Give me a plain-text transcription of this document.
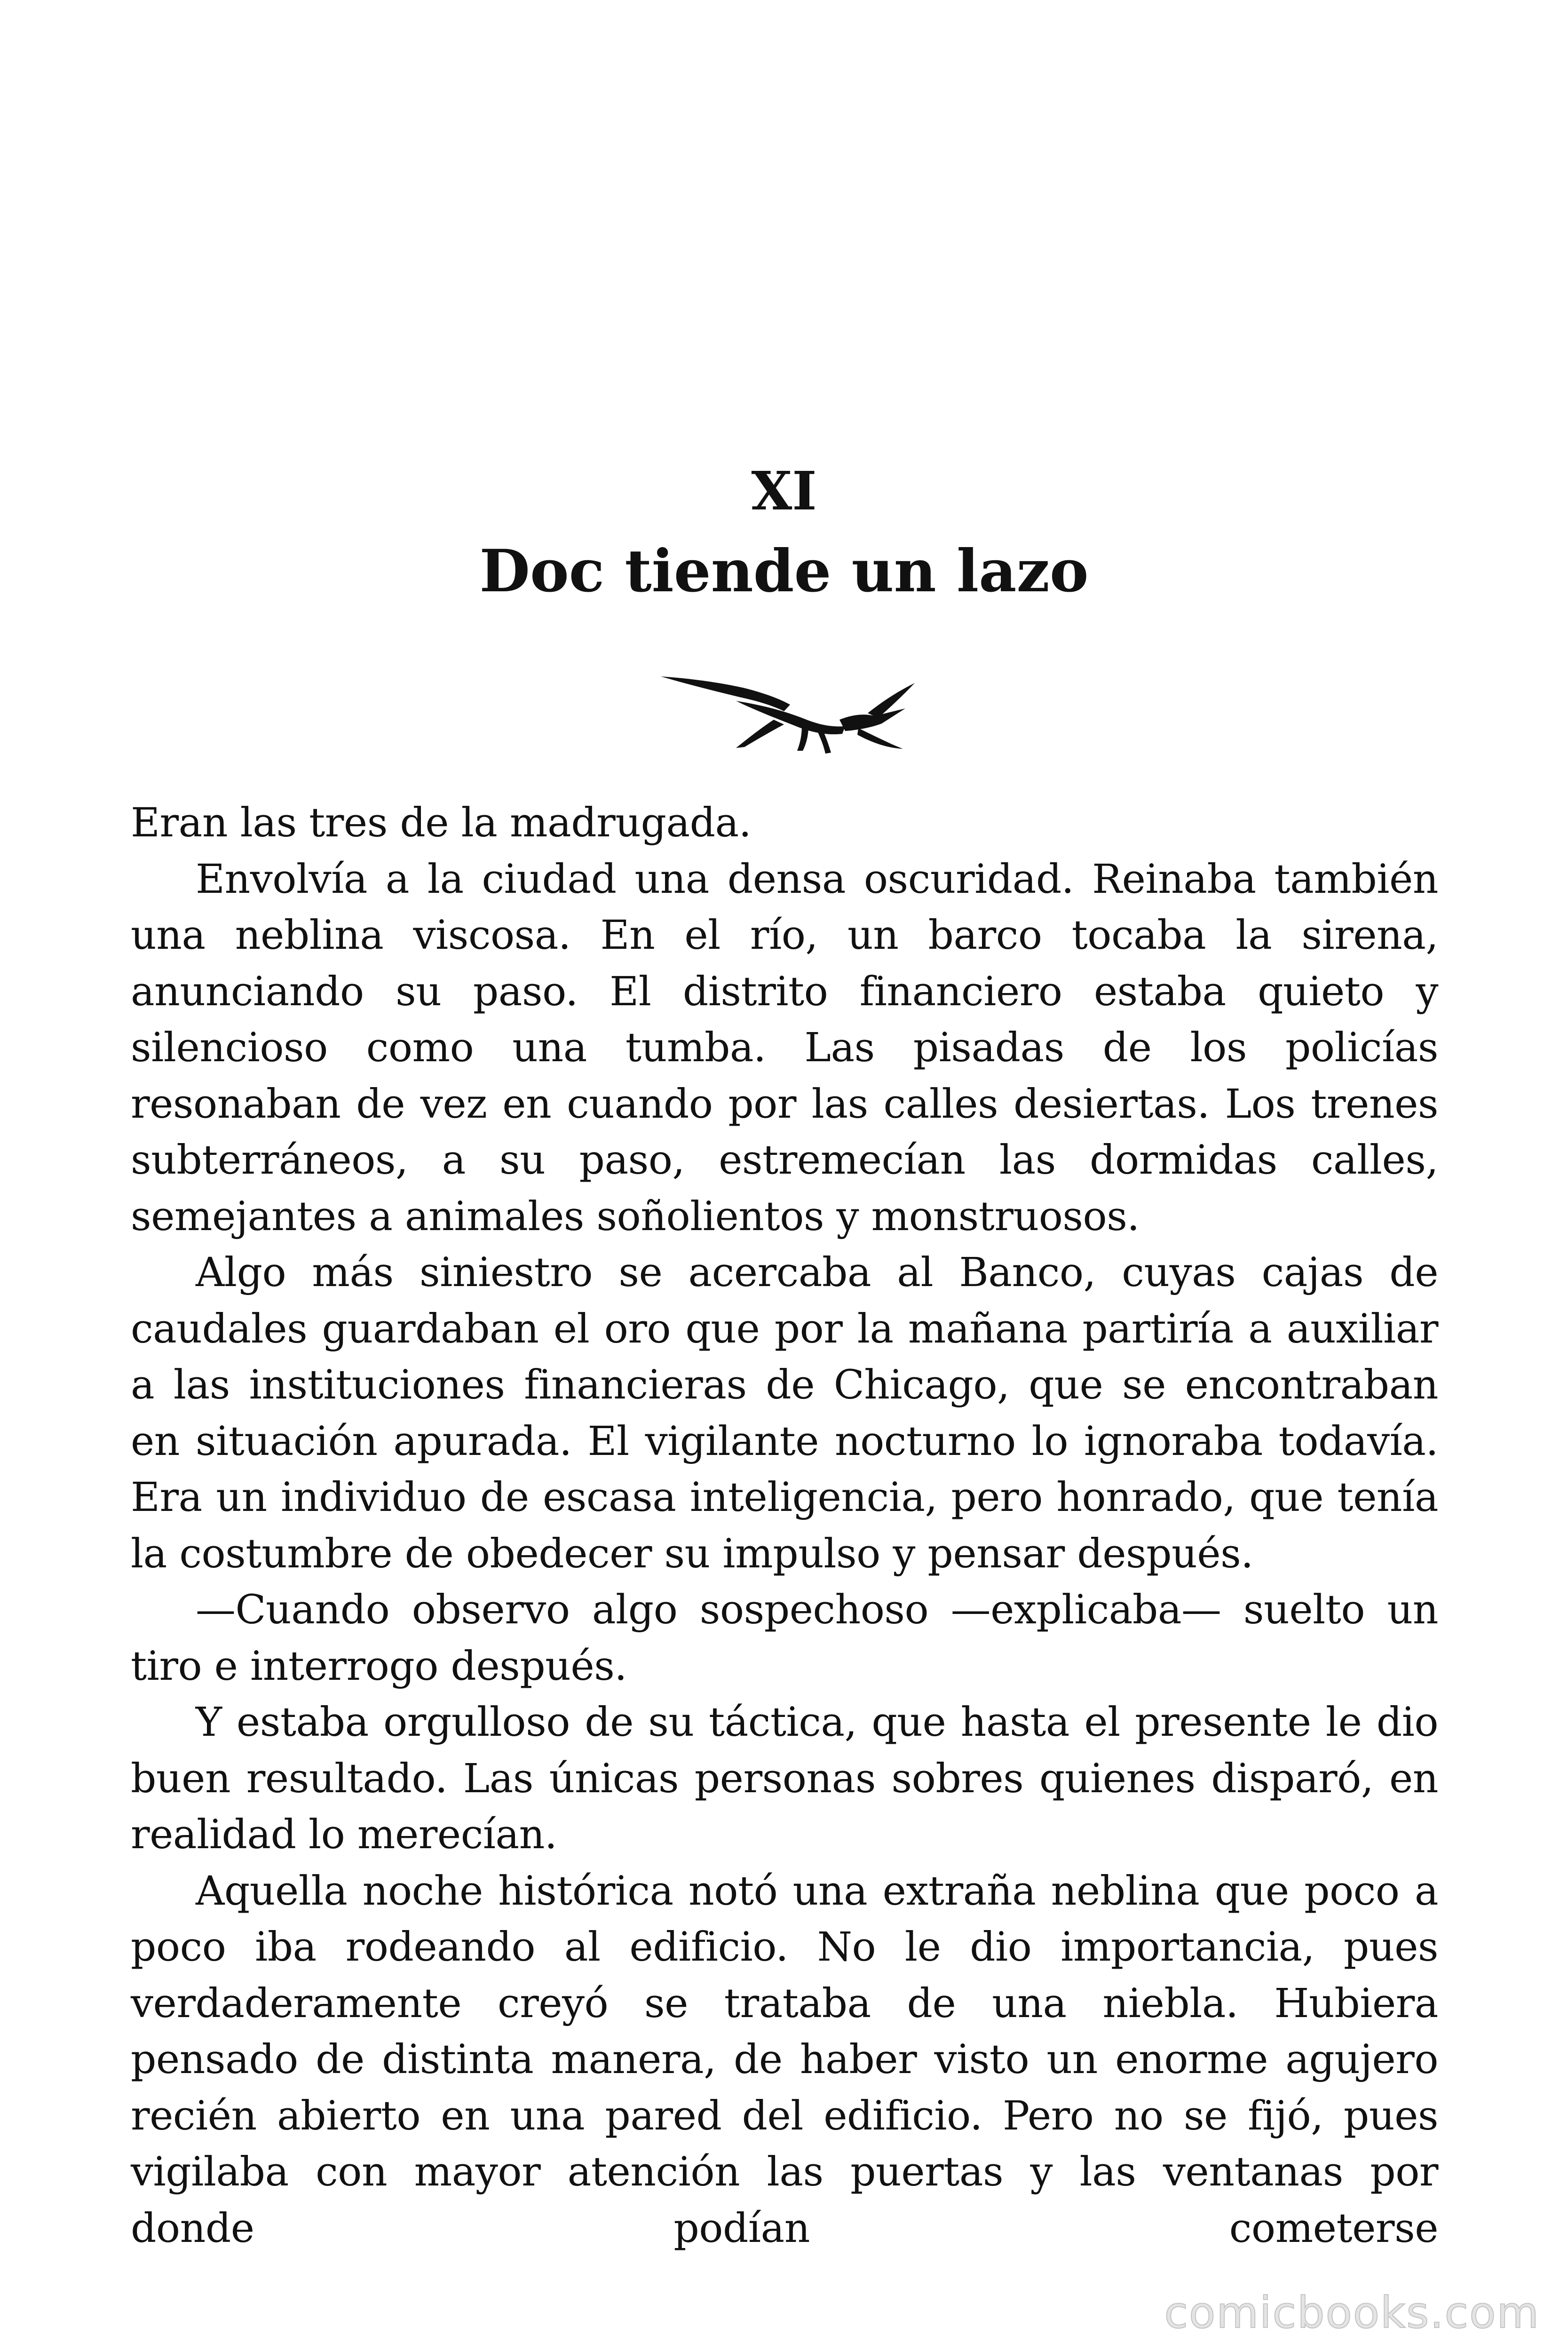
XI
Doc tiende un lazo

Eran las tres de la madrugada.

Envolvía a la ciudad una densa oscuridad. Reinaba también una neblina viscosa. En el río, un barco tocaba la sirena, anunciando su paso. El distrito financiero estaba quieto y silencioso como una tumba. Las pisadas de los policías resonaban de vez en cuando por las calles desiertas. Los trenes subterráneos, a su paso, estremecían las dormidas calles, semejantes a animales soñolientos y monstruosos.

Algo más siniestro se acercaba al Banco, cuyas cajas de caudales guardaban el oro que por la mañana partiría a auxiliar a las instituciones financieras de Chicago, que se encontraban en situación apurada. El vigilante nocturno lo ignoraba todavía. Era un individuo de escasa inteligencia, pero honrado, que tenía la costumbre de obedecer su impulso y pensar después.

—Cuando observo algo sospechoso —explicaba— suelto un tiro e interrogo después.

Y estaba orgulloso de su táctica, que hasta el presente le dio buen resultado. Las únicas personas sobres quienes disparó, en realidad lo merecían.

Aquella noche histórica notó una extraña neblina que poco a poco iba rodeando al edificio. No le dio importancia, pues verdaderamente creyó se trataba de una niebla. Hubiera pensado de distinta manera, de haber visto un enorme agujero recién abierto en una pared del edificio. Pero no se fijó, pues vigilaba con mayor atención las puertas y las ventanas por donde podían cometerse

comicbooks.com
